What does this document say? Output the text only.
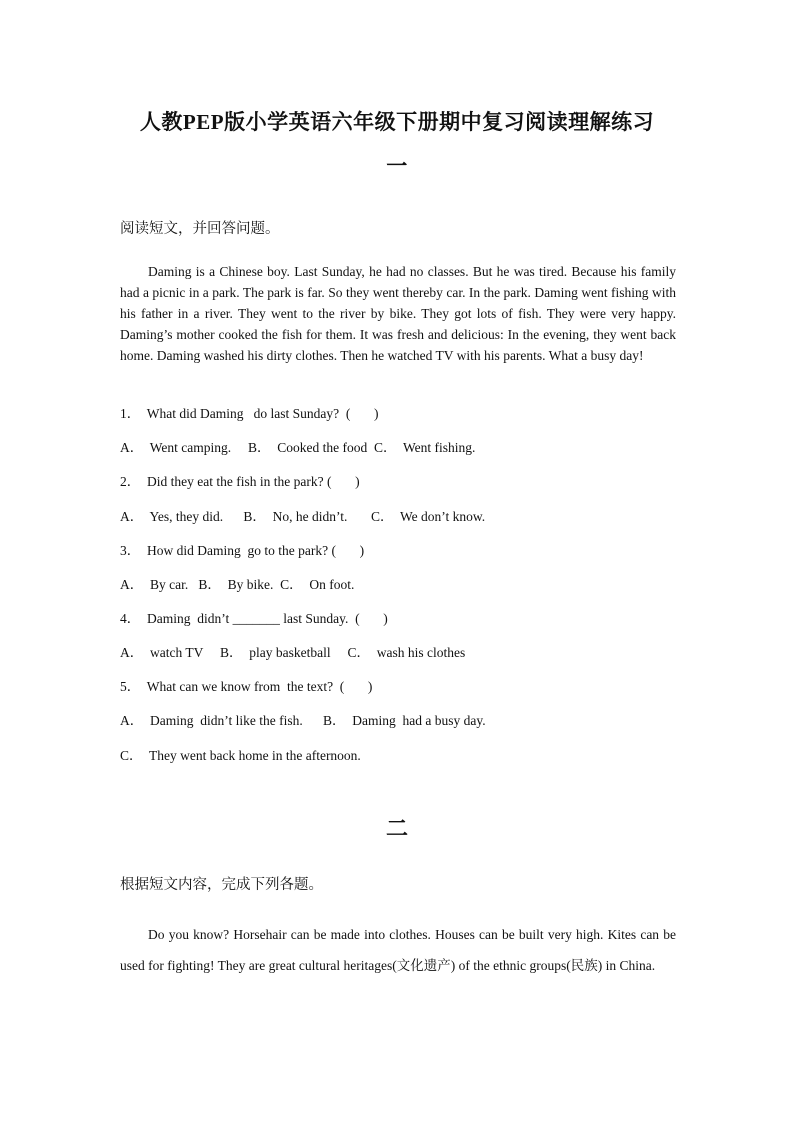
人教PEP版小学英语六年级下册期中复习阅读理解练习
一

阅读短文，并回答问题。

Daming is a Chinese boy. Last Sunday, he had no classes. But he was tired. Because his family had a picnic in a park. The park is far. So they went thereby car. In the park. Daming went fishing with his father in a river. They went to the river by bike. They got lots of fish. They were very happy. Daming’s mother cooked the fish for them. It was fresh and delicious: In the evening, they went back home. Daming washed his dirty clothes. Then he watched TV with his parents. What a busy day!

1．  What did Daming   do last Sunday?  (       )

A．  Went camping.     B．  Cooked the food  C．  Went fishing.

2．  Did they eat the fish in the park? (       )

A．  Yes, they did.      B．  No, he didn’t.       C．  We don’t know.

3．  How did Daming  go to the park? (       )

A．  By car.   B．  By bike.  C．  On foot.

4．  Daming  didn’t _______ last Sunday.  (       )

A．  watch TV     B．  play basketball     C．  wash his clothes

5．  What can we know from  the text?  (       )

A．  Daming  didn’t like the fish.      B．  Daming  had a busy day.

C．  They went back home in the afternoon.

二

根据短文内容，完成下列各题。

Do you know? Horsehair can be made into clothes. Houses can be built very high. Kites can be used for fighting! They are great cultural heritages(文化遗产) of the ethnic groups(民族) in China.
